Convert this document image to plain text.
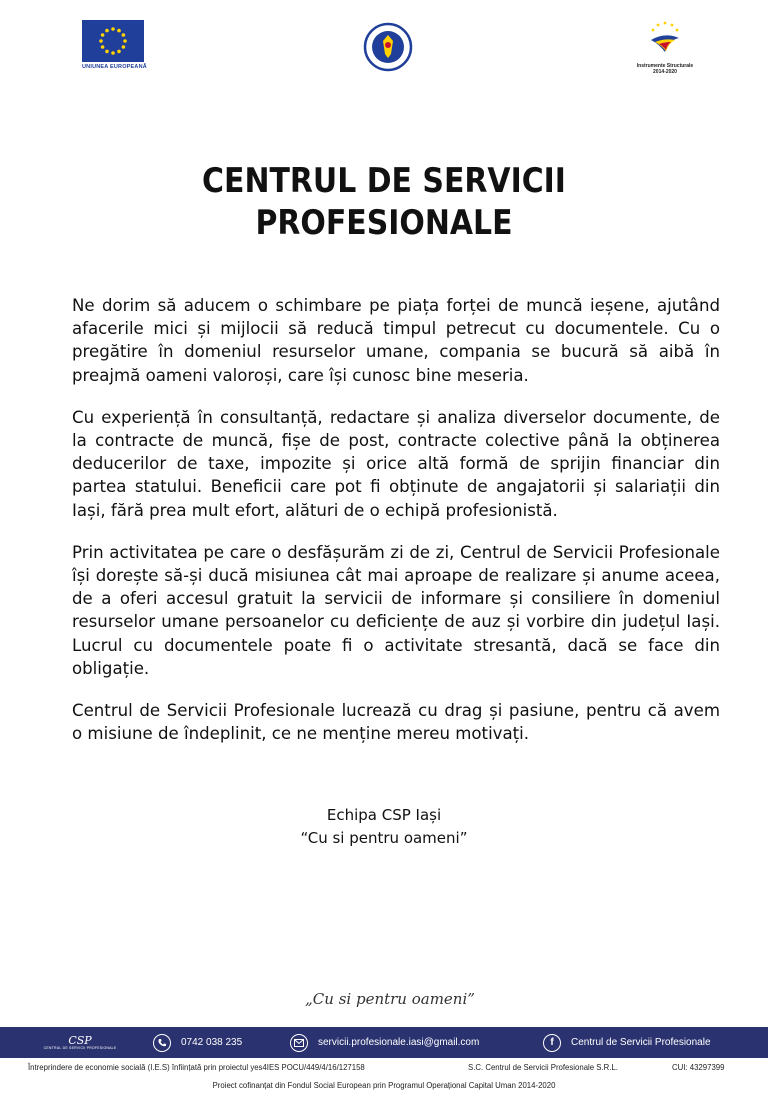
UNIUNEA EUROPEANĂ	Instrumente Structurale
2014-2020
CENTRUL DE SERVICII
PROFESIONALE

Ne dorim să aducem o schimbare pe piața forței de muncă ieșene, ajutând afacerile mici și mijlocii să reducă timpul petrecut cu documentele. Cu o pregătire în domeniul resurselor umane, compania se bucură să aibă în preajmă oameni valoroși, care își cunosc bine meseria.

Cu experiență în consultanță, redactare și analiza diverselor documente, de la contracte de muncă, fișe de post, contracte colective până la obținerea deducerilor de taxe, impozite și orice altă formă de sprijin financiar din partea statului. Beneficii care pot fi obținute de angajatorii și salariații din Iași, fără prea mult efort, alături de o echipă profesionistă.

Prin activitatea pe care o desfășurăm zi de zi, Centrul de Servicii Profesionale își dorește să-și ducă misiunea cât mai aproape de realizare și anume aceea, de a oferi accesul gratuit la servicii de informare și consiliere în domeniul resurselor umane persoanelor cu deficiențe de auz și vorbire din județul Iași. Lucrul cu documentele poate fi o activitate stresantă, dacă se face din obligație.

Centrul de Servicii Profesionale lucrează cu drag și pasiune, pentru că avem o misiune de îndeplinit, ce ne menține mereu motivați.

Echipa CSP Iași
“Cu si pentru oameni”
„Cu si pentru oameni”
CSP
CENTRUL DE SERVICII PROFESIONALE	0742 038 235	servicii.profesionale.iasi@gmail.com	f	Centrul de Servicii Profesionale
Întreprindere de economie socială (I.E.S) înființată prin proiectul yes4IES POCU/449/4/16/127158	S.C. Centrul de Servicii Profesionale S.R.L.	CUI: 43297399
Proiect cofinanțat din Fondul Social European prin Programul Operațional Capital Uman 2014-2020
